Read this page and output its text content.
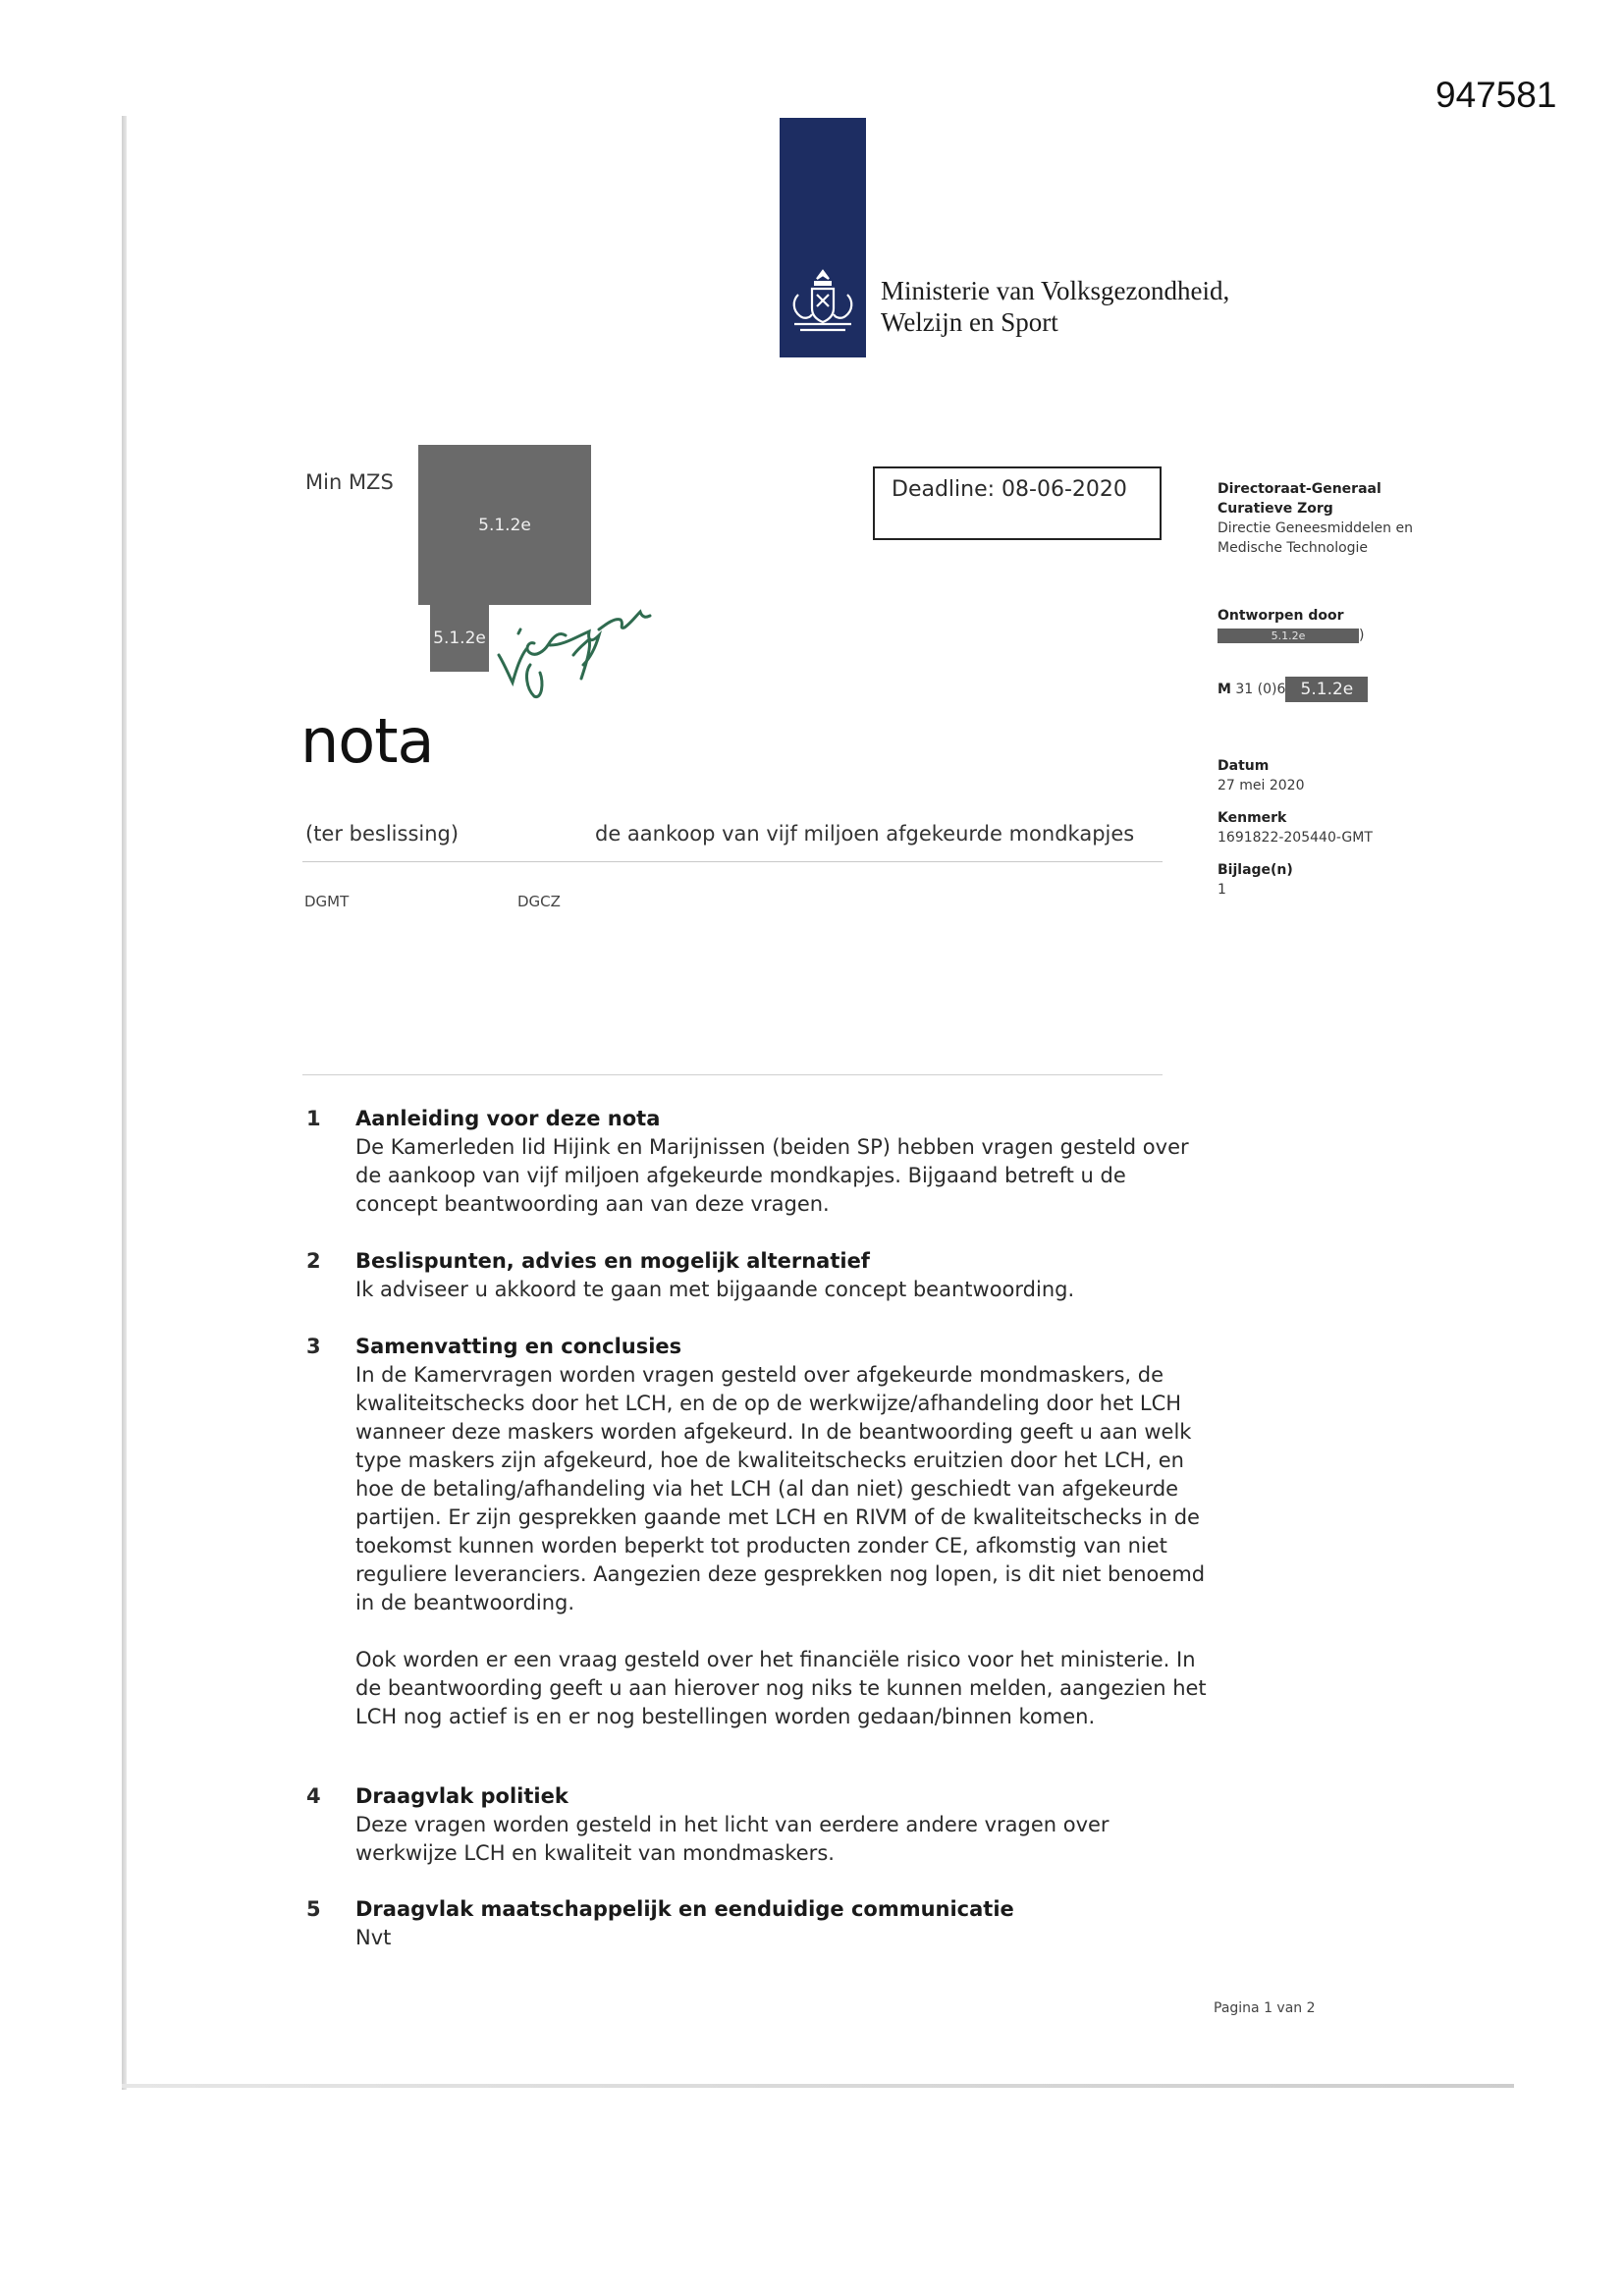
947581
Ministerie van Volksgezondheid,
Welzijn en Sport
Min MZS
5.1.2e
5.1.2e
Deadline: 08-06-2020
nota
(ter beslissing)	de aankoop van vijf miljoen afgekeurde mondkapjes
DGMT	DGCZ
Directoraat-Generaal
Curatieve Zorg
Directie Geneesmiddelen en
Medische Technologie
Ontworpen door
5.1.2e	)
M 31 (0)6 5.1.2e
Datum
27 mei 2020
Kenmerk
1691822-205440-GMT
Bijlage(n)
1
1	Aanleiding voor deze nota

De Kamerleden lid Hijink en Marijnissen (beiden SP) hebben vragen gesteld over de aankoop van vijf miljoen afgekeurde mondkapjes. Bijgaand betreft u de concept beantwoording aan van deze vragen.

2	Beslispunten, advies en mogelijk alternatief

Ik adviseer u akkoord te gaan met bijgaande concept beantwoording.

3	Samenvatting en conclusies

In de Kamervragen worden vragen gesteld over afgekeurde mondmaskers, de kwaliteitschecks door het LCH, en de op de werkwijze/afhandeling door het LCH wanneer deze maskers worden afgekeurd. In de beantwoording geeft u aan welk type maskers zijn afgekeurd, hoe de kwaliteitschecks eruitzien door het LCH, en hoe de betaling/afhandeling via het LCH (al dan niet) geschiedt van afgekeurde partijen. Er zijn gesprekken gaande met LCH en RIVM of de kwaliteitschecks in de toekomst kunnen worden beperkt tot producten zonder CE, afkomstig van niet reguliere leveranciers. Aangezien deze gesprekken nog lopen, is dit niet benoemd in de beantwoording.

Ook worden er een vraag gesteld over het financiële risico voor het ministerie. In de beantwoording geeft u aan hierover nog niks te kunnen melden, aangezien het LCH nog actief is en er nog bestellingen worden gedaan/binnen komen.

4	Draagvlak politiek

Deze vragen worden gesteld in het licht van eerdere andere vragen over werkwijze LCH en kwaliteit van mondmaskers.

5	Draagvlak maatschappelijk en eenduidige communicatie

Nvt

Pagina 1 van 2
